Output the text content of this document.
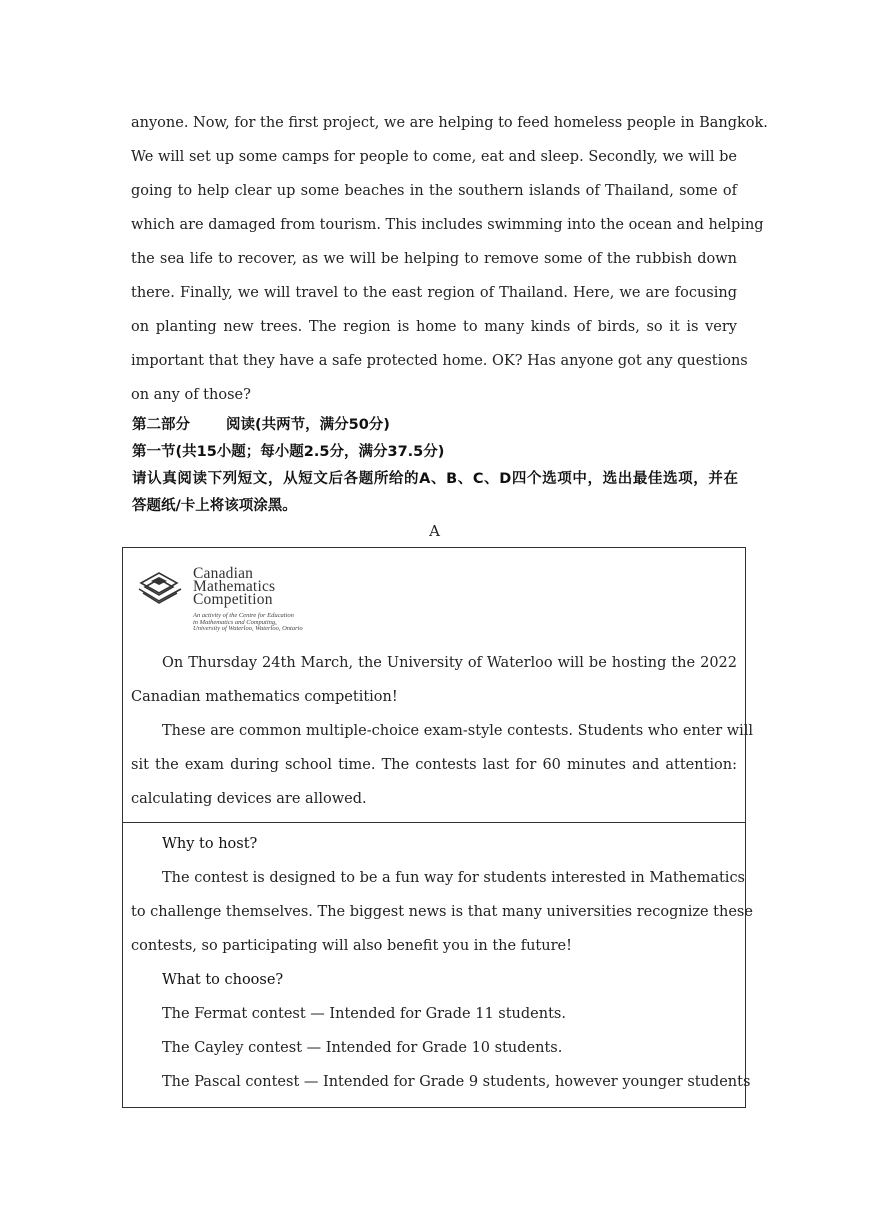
anyone. Now, for the first project, we are helping to feed homeless people in Bangkok.
We will set up some camps for people to come, eat and sleep. Secondly, we will be
going to help clear up some beaches in the southern islands of Thailand, some of
which are damaged from tourism. This includes swimming into the ocean and helping
the sea life to recover, as we will be helping to remove some of the rubbish down
there. Finally, we will travel to the east region of Thailand. Here, we are focusing
on planting new trees. The region is home to many kinds of birds, so it is very
important that they have a safe protected home. OK? Has anyone got any questions
on any of those?
第二部分 阅读(共两节，满分50分)
第一节(共15小题；每小题2.5分，满分37.5分)
请认真阅读下列短文，从短文后各题所给的A、B、C、D四个选项中，选出最佳选项，并在
答题纸/卡上将该项涂黑。
A
Canadian
Mathematics
Competition
An activity of the Centre for Education
in Mathematics and Computing,
University of Waterloo, Waterloo, Ontario
On Thursday 24th March, the University of Waterloo will be hosting the 2022
Canadian mathematics competition!
These are common multiple-choice exam-style contests. Students who enter will
sit the exam during school time. The contests last for 60 minutes and attention:
calculating devices are allowed.
Why to host?
The contest is designed to be a fun way for students interested in Mathematics
to challenge themselves. The biggest news is that many universities recognize these
contests, so participating will also benefit you in the future!
What to choose?
The Fermat contest — Intended for Grade 11 students.
The Cayley contest — Intended for Grade 10 students.
The Pascal contest — Intended for Grade 9 students, however younger students
